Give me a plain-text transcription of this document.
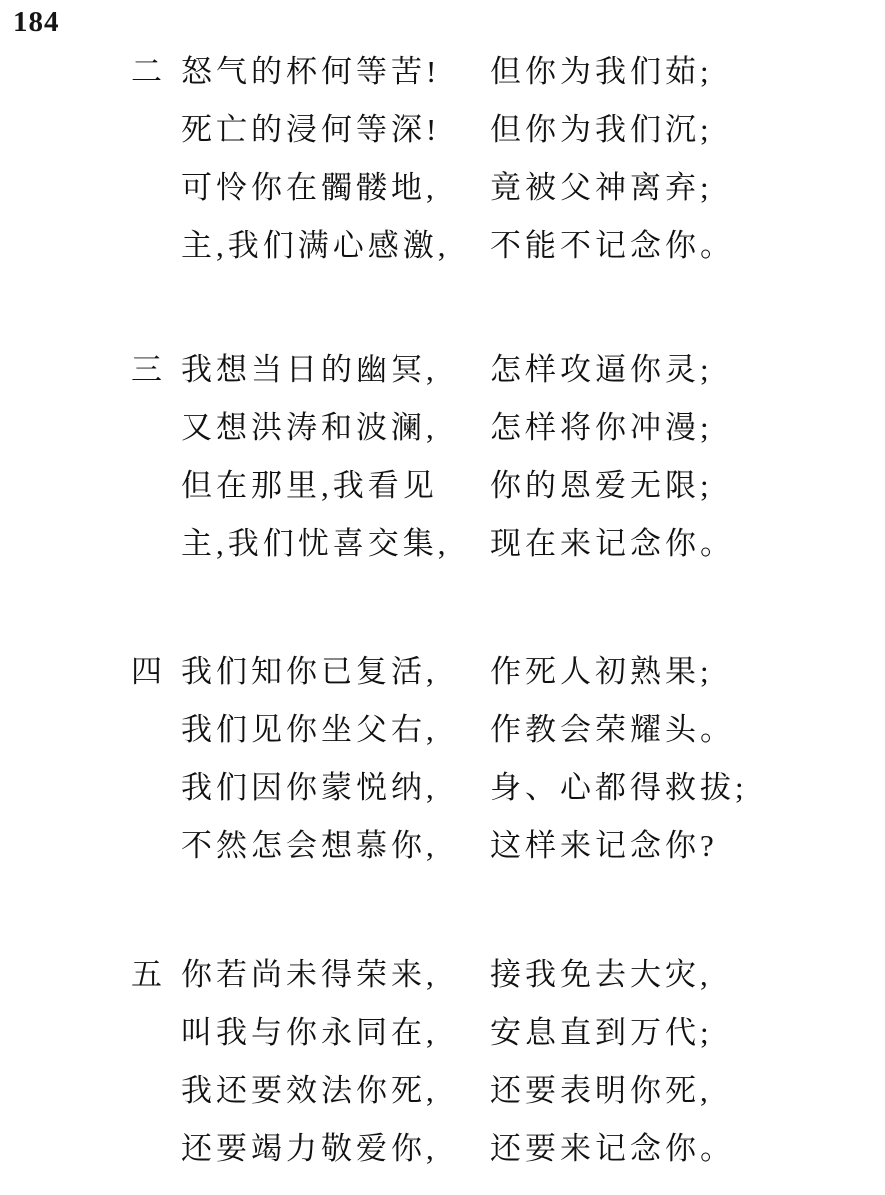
184
二 怒气的杯何等苦! 但你为我们茹;
死亡的浸何等深! 但你为我们沉;
可怜你在髑髅地, 竟被父神离弃;
主,我们满心感激, 不能不记念你。
三 我想当日的幽冥, 怎样攻逼你灵;
又想洪涛和波澜, 怎样将你冲漫;
但在那里,我看见 你的恩爱无限;
主,我们忧喜交集, 现在来记念你。
四 我们知你已复活, 作死人初熟果;
我们见你坐父右, 作教会荣耀头。
我们因你蒙悦纳, 身、心都得救拔;
不然怎会想慕你, 这样来记念你?
五 你若尚未得荣来, 接我免去大灾,
叫我与你永同在, 安息直到万代;
我还要效法你死, 还要表明你死,
还要竭力敬爱你, 还要来记念你。
